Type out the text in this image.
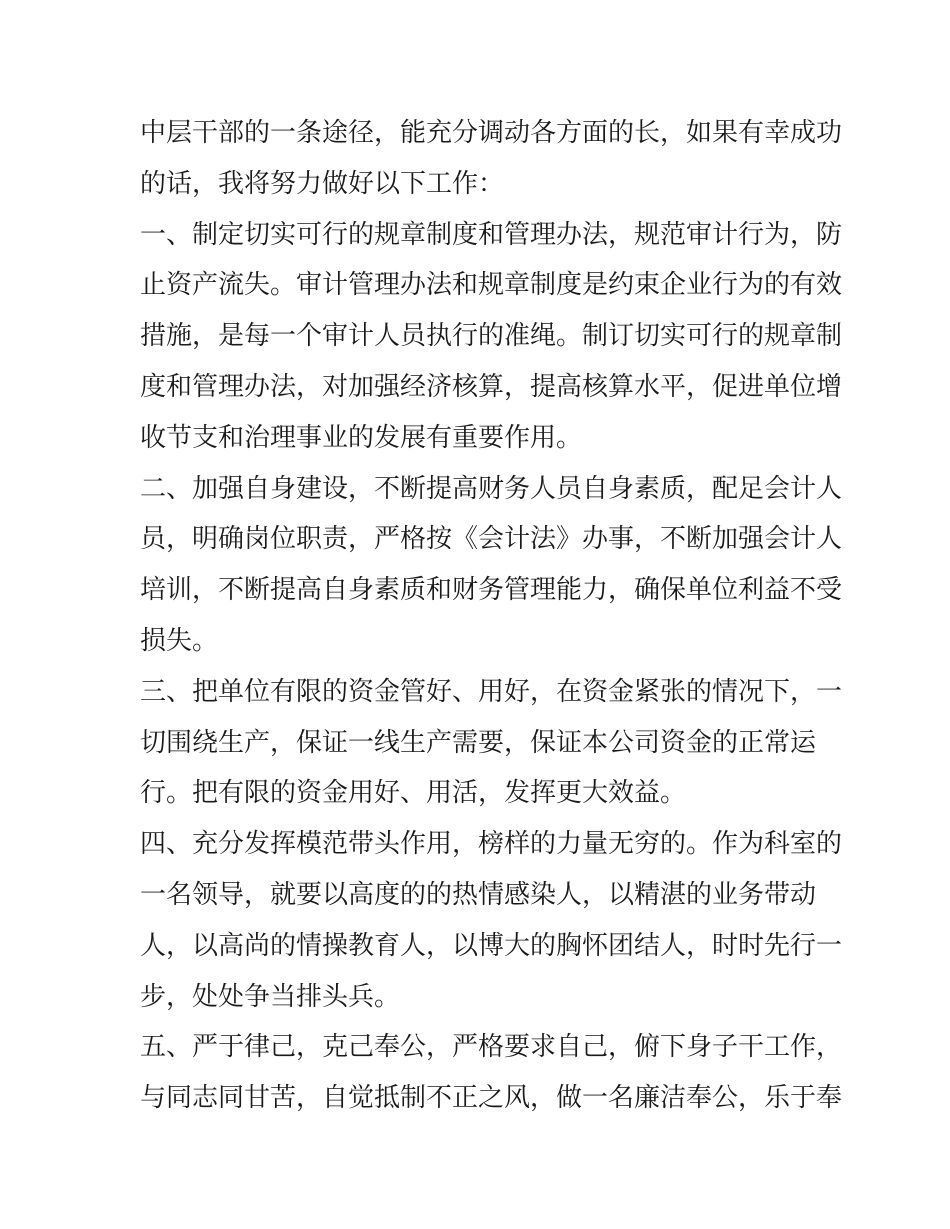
中层干部的一条途径，能充分调动各方面的长，如果有幸成功
的话，我将努力做好以下工作：
一、制定切实可行的规章制度和管理办法，规范审计行为，防
止资产流失。审计管理办法和规章制度是约束企业行为的有效
措施，是每一个审计人员执行的准绳。制订切实可行的规章制
度和管理办法，对加强经济核算，提高核算水平，促进单位增
收节支和治理事业的发展有重要作用。
二、加强自身建设，不断提高财务人员自身素质，配足会计人
员，明确岗位职责，严格按《会计法》办事，不断加强会计人
培训，不断提高自身素质和财务管理能力，确保单位利益不受
损失。
三、把单位有限的资金管好、用好，在资金紧张的情况下，一
切围绕生产，保证一线生产需要，保证本公司资金的正常运
行。把有限的资金用好、用活，发挥更大效益。
四、充分发挥模范带头作用，榜样的力量无穷的。作为科室的
一名领导，就要以高度的的热情感染人，以精湛的业务带动
人，以高尚的情操教育人，以博大的胸怀团结人，时时先行一
步，处处争当排头兵。
五、严于律己，克己奉公，严格要求自己，俯下身子干工作，
与同志同甘苦，自觉抵制不正之风，做一名廉洁奉公，乐于奉
